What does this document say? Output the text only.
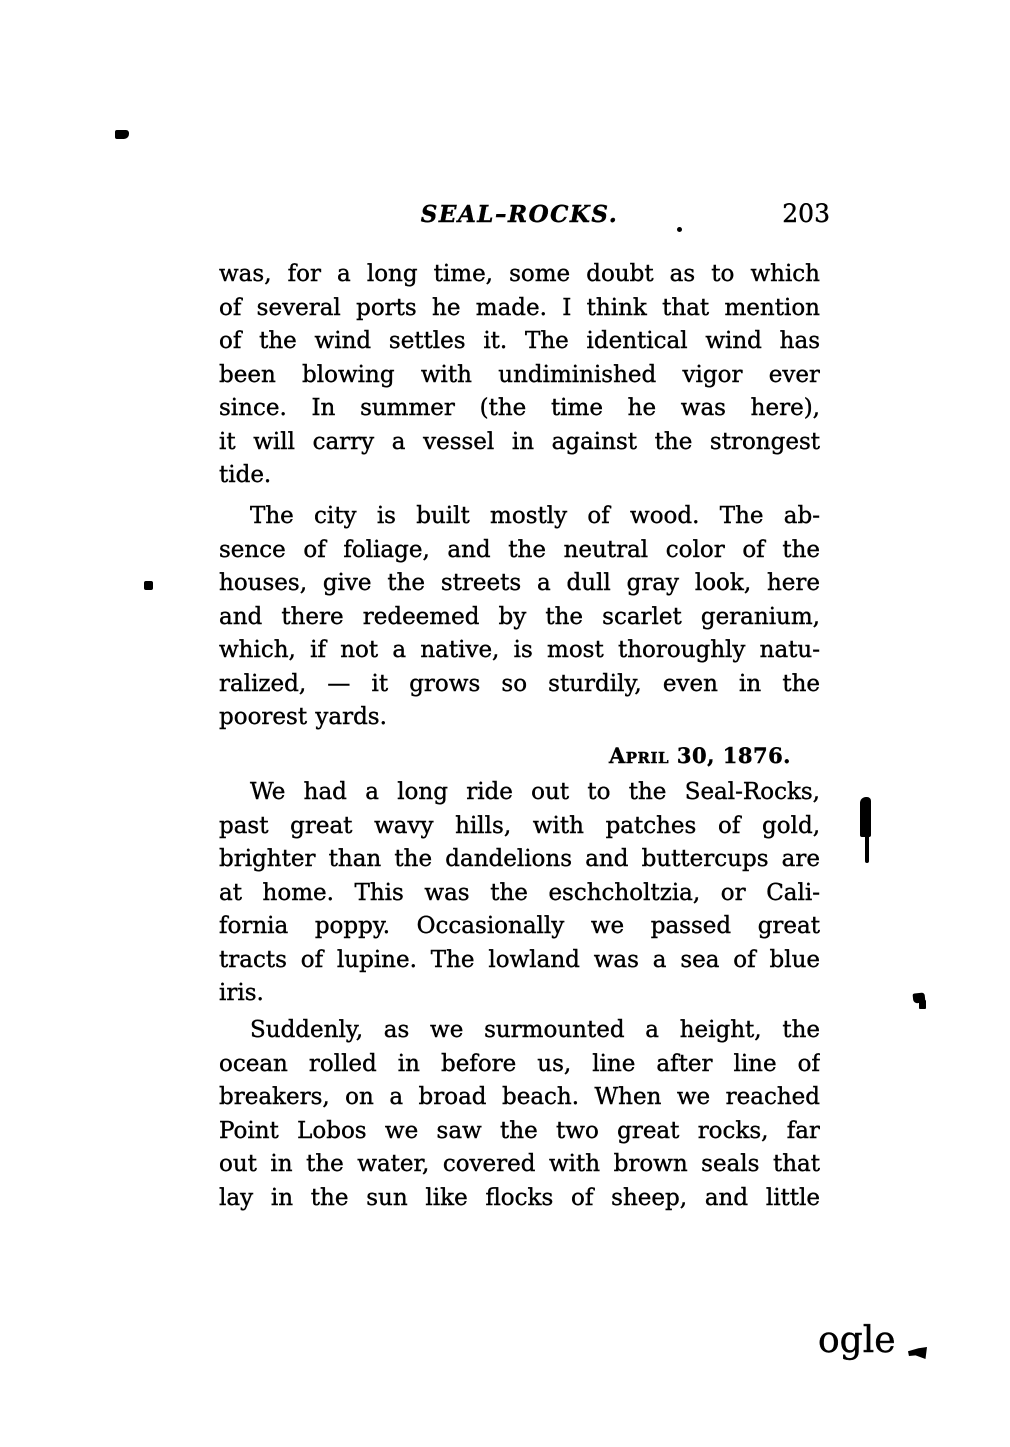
SEAL–ROCKS.	203
was, for a long time, some doubt as to which
of several ports he made. I think that mention
of the wind settles it. The identical wind has
been blowing with undiminished vigor ever
since. In summer (the time he was here),
it will carry a vessel in against the strongest
tide.
The city is built mostly of wood. The ab-
sence of foliage, and the neutral color of the
houses, give the streets a dull gray look, here
and there redeemed by the scarlet geranium,
which, if not a native, is most thoroughly natu-
ralized, — it grows so sturdily, even in the
poorest yards.
April 30, 1876.
We had a long ride out to the Seal-Rocks,
past great wavy hills, with patches of gold,
brighter than the dandelions and buttercups are
at home. This was the eschcholtzia, or Cali-
fornia poppy. Occasionally we passed great
tracts of lupine. The lowland was a sea of blue
iris.
Suddenly, as we surmounted a height, the
ocean rolled in before us, line after line of
breakers, on a broad beach. When we reached
Point Lobos we saw the two great rocks, far
out in the water, covered with brown seals that
lay in the sun like flocks of sheep, and little
ogle
